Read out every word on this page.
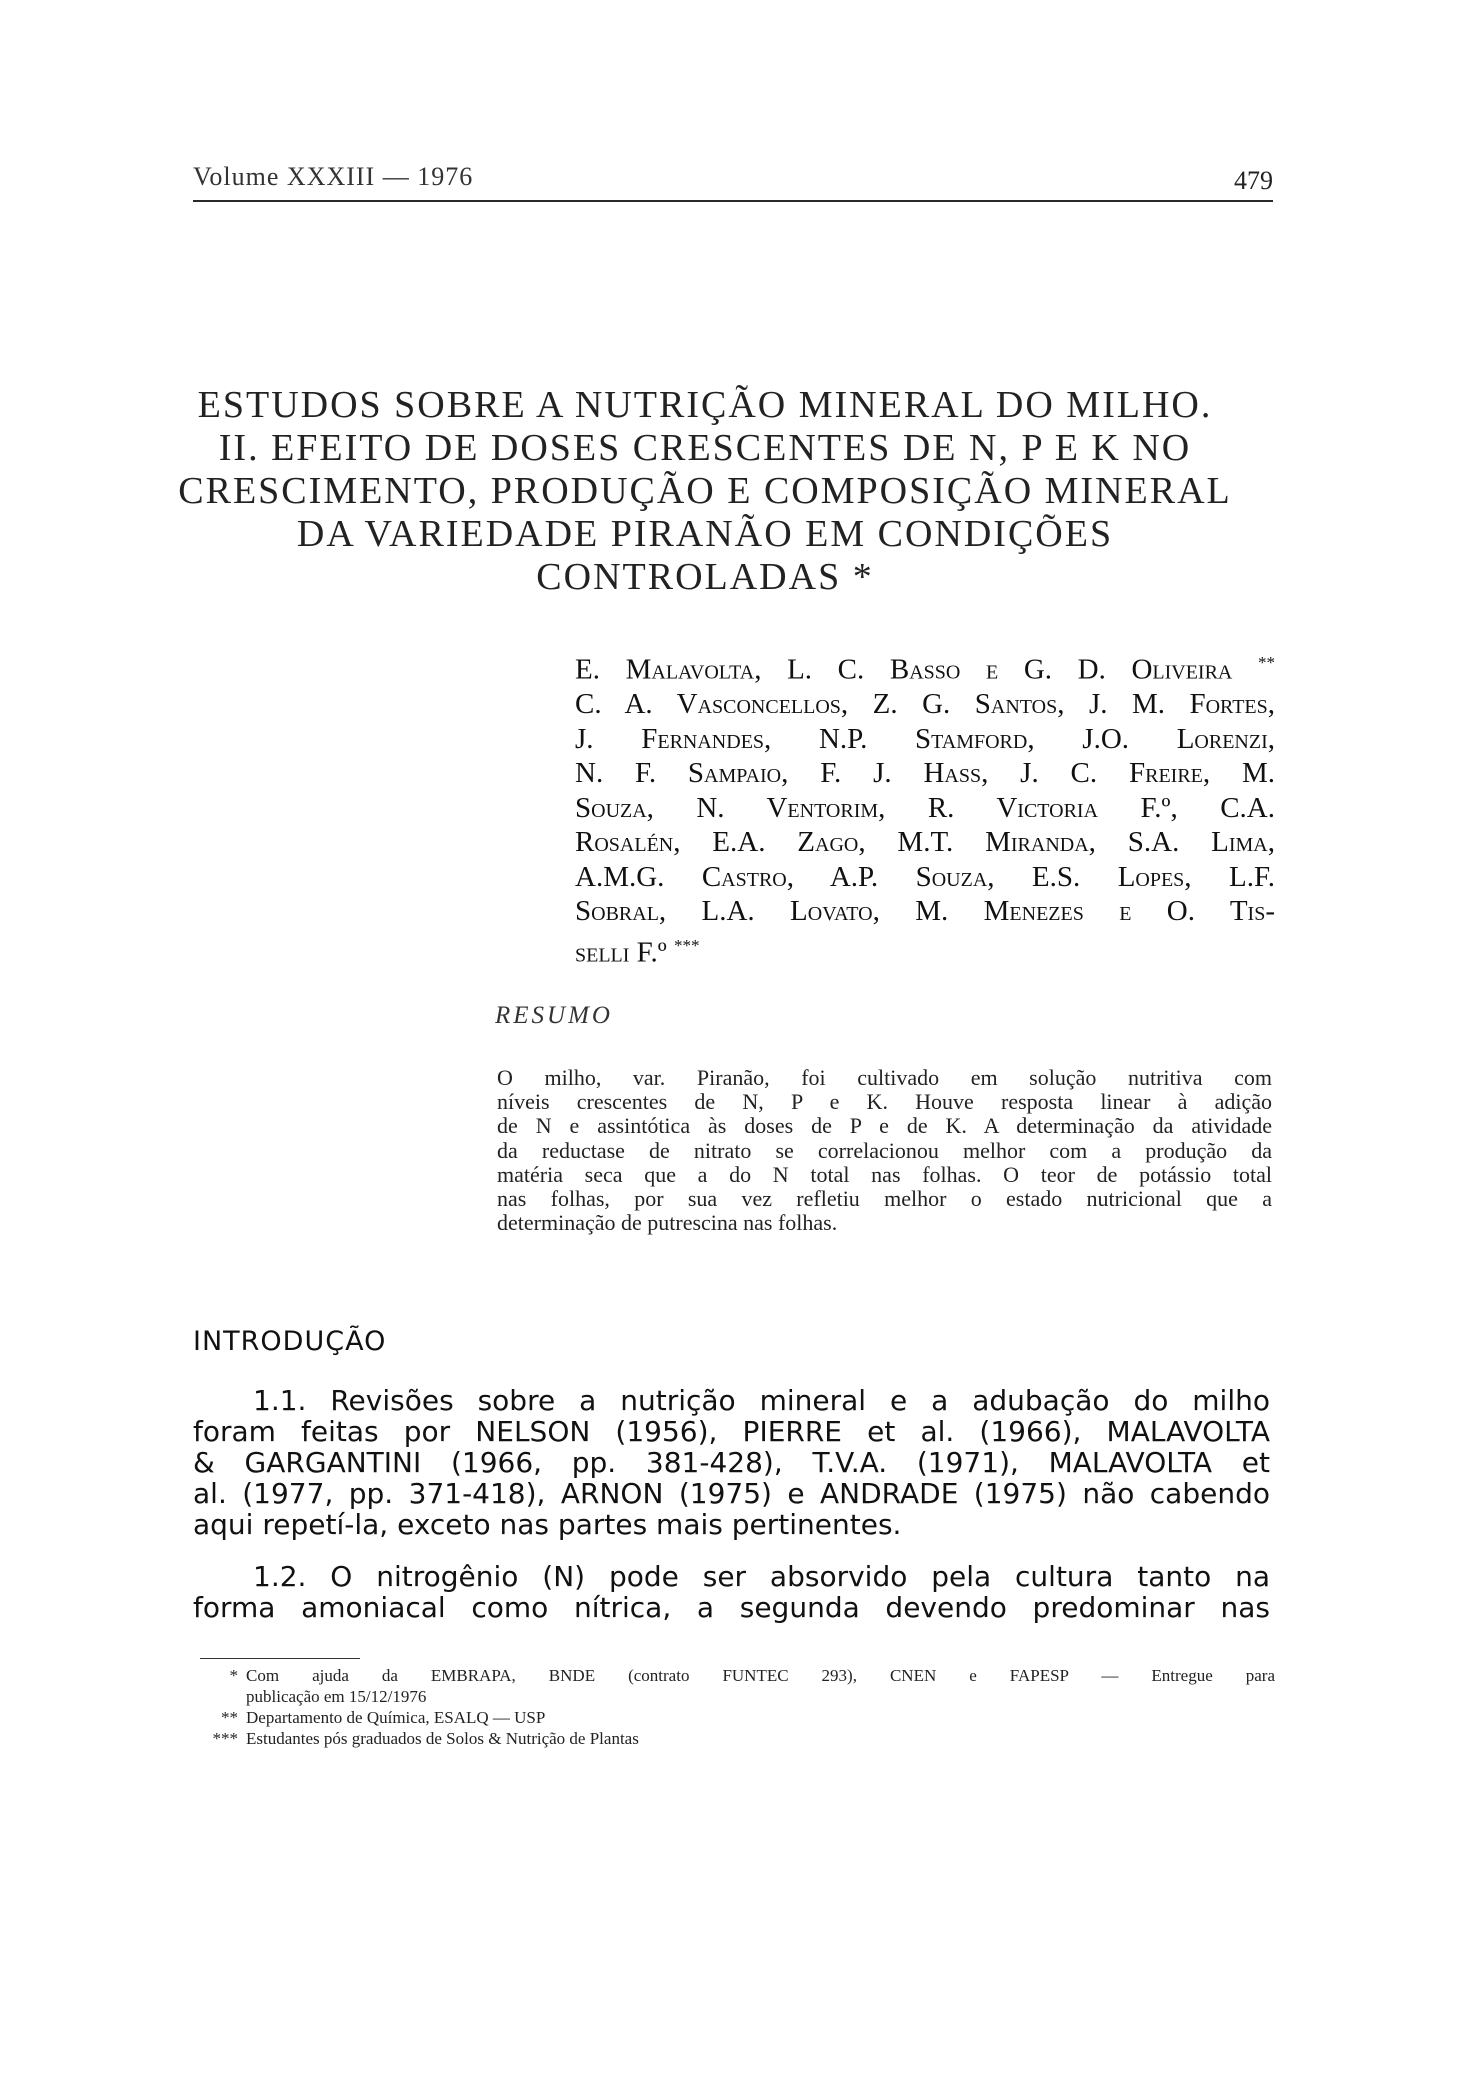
Volume XXXIII — 1976	479
ESTUDOS SOBRE A NUTRIÇÃO MINERAL DO MILHO.
II. EFEITO DE DOSES CRESCENTES DE N, P E K NO
CRESCIMENTO, PRODUÇÃO E COMPOSIÇÃO MINERAL
DA VARIEDADE PIRANÃO EM CONDIÇÕES
CONTROLADAS *
E. Malavolta, L. C. Basso e G. D. Oliveira **
C. A. Vasconcellos, Z. G. Santos, J. M. Fortes,
J. Fernandes, N.P. Stamford, J.O. Lorenzi,
N. F. Sampaio, F. J. Hass, J. C. Freire, M.
Souza, N. Ventorim, R. Victoria F.º, C.A.
Rosalén, E.A. Zago, M.T. Miranda, S.A. Lima,
A.M.G. Castro, A.P. Souza, E.S. Lopes, L.F.
Sobral, L.A. Lovato, M. Menezes e O. Tis-
selli F.º ***
RESUMO
O milho, var. Piranão, foi cultivado em solução nutritiva com
níveis crescentes de N, P e K. Houve resposta linear à adição
de N e assintótica às doses de P e de K. A determinação da atividade
da reductase de nitrato se correlacionou melhor com a produção da
matéria seca que a do N total nas folhas. O teor de potássio total
nas folhas, por sua vez refletiu melhor o estado nutricional que a
determinação de putrescina nas folhas.
INTRODUÇÃO
1.1. Revisões sobre a nutrição mineral e a adubação do milho
foram feitas por NELSON (1956), PIERRE et al. (1966), MALAVOLTA
& GARGANTINI (1966, pp. 381-428), T.V.A. (1971), MALAVOLTA et
al. (1977, pp. 371-418), ARNON (1975) e ANDRADE (1975) não cabendo
aqui repetí-la, exceto nas partes mais pertinentes.
1.2. O nitrogênio (N) pode ser absorvido pela cultura tanto na
forma amoniacal como nítrica, a segunda devendo predominar nas
* Com ajuda da EMBRAPA, BNDE (contrato FUNTEC 293), CNEN e FAPESP — Entregue para
publicação em 15/12/1976
** Departamento de Química, ESALQ — USP
*** Estudantes pós graduados de Solos & Nutrição de Plantas
